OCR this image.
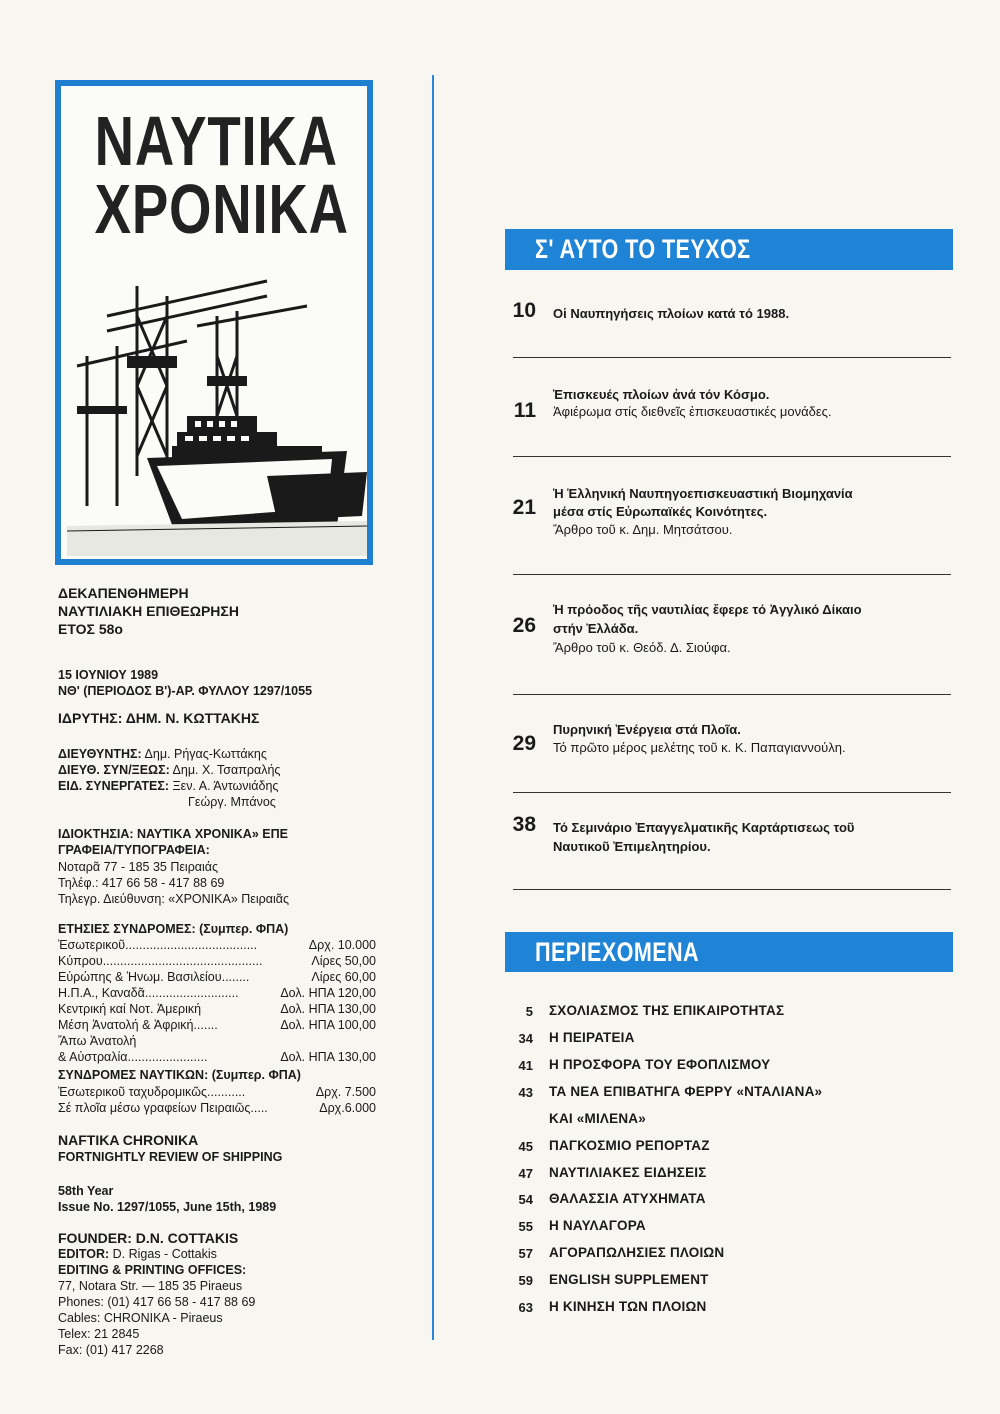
ΝΑΥΤΙΚΑ
ΧΡΟΝΙΚΑ
ΔΕΚΑΠΕΝΘΗΜΕΡΗ
ΝΑΥΤΙΛΙΑΚΗ ΕΠΙΘΕΩΡΗΣΗ
ΕΤΟΣ 58ο
15 ΙΟΥΝΙΟΥ 1989
ΝΘ' (ΠΕΡΙΟΔΟΣ Β')-ΑΡ. ΦΥΛΛΟΥ 1297/1055
ΙΔΡΥΤΗΣ: ΔΗΜ. Ν. ΚΩΤΤΑΚΗΣ
ΔΙΕΥΘΥΝΤΗΣ: Δημ. Ρήγας-Κωττάκης
ΔΙΕΥΘ. ΣΥΝ/ΞΕΩΣ: Δημ. Χ. Τσαπραλής
ΕΙΔ. ΣΥΝΕΡΓΑΤΕΣ: Ξεν. Α. Άντωνιάδης
Γεώργ. Μπάνος
ΙΔΙΟΚΤΗΣΙΑ: ΝΑΥΤΙΚΑ ΧΡΟΝΙΚΑ» ΕΠΕ
ΓΡΑΦΕΙΑ/ΤΥΠΟΓΡΑΦΕΙΑ:
Νοταρᾶ 77 - 185 35 Πειραιάς
Τηλέφ.: 417 66 58 - 417 88 69
Τηλεγρ. Διεύθυνση: «ΧΡΟΝΙΚΑ» Πειραιᾶς
ΕΤΗΣΙΕΣ ΣΥΝΔΡΟΜΕΣ: (Συμπερ. ΦΠΑ)
Ἐσωτερικοῦ......................................	Δρχ. 10.000
Κύπρου..............................................	Λίρες 50,00
Εὐρώπης & Ἡνωμ. Βασιλείου........	Λίρες 60,00
Η.Π.Α., Καναδᾶ...........................	Δολ. ΗΠΑ 120,00
Κεντρική καί Νοτ. Ἀμερική	Δολ. ΗΠΑ 130,00
Μέση Ἀνατολή & Ἀφρική.......	Δολ. ΗΠΑ 100,00
Ἄπω Ἀνατολή
& Αὐστραλία.......................	Δολ. ΗΠΑ 130,00
ΣΥΝΔΡΟΜΕΣ ΝΑΥΤΙΚΩΝ: (Συμπερ. ΦΠΑ)
Ἐσωτερικοῦ ταχυδρομικῶς...........	Δρχ. 7.500
Σέ πλοῖα μέσω γραφείων Πειραιῶς.....	Δρχ.6.000
NAFTIKA CHRONIKA
FORTNIGHTLY REVIEW OF SHIPPING
58th Year
Issue No. 1297/1055, June 15th, 1989
FOUNDER: D.N. COTTAKIS
EDITOR: D. Rigas - Cottakis
EDITING & PRINTING OFFICES:
77, Notara Str. — 185 35 Piraeus
Phones: (01) 417 66 58 - 417 88 69
Cables: CHRONIKA - Piraeus
Telex: 21 2845
Fax: (01) 417 2268
Σ' ΑΥΤΟ ΤΟ ΤΕΥΧΟΣ
10 Οἱ Ναυπηγήσεις πλοίων κατά τό 1988.
11
Ἐπισκευές πλοίων ἀνά τόν Κόσμο.
Ἀφιέρωμα στίς διεθνεῖς ἐπισκευαστικές μονάδες.
21
Ἡ Ἑλληνική Ναυπηγοεπισκευαστική Βιομηχανία
μέσα στίς Εὐρωπαϊκές Κοινότητες.
Ἄρθρο τοῦ κ. Δημ. Μητσάτσου.
26
Ἡ πρόοδος τῆς ναυτιλίας ἔφερε τό Ἀγγλικό Δίκαιο
στήν Ἑλλάδα.
Ἄρθρο τοῦ κ. Θεόδ. Δ. Σιούφα.
29
Πυρηνική Ἐνέργεια στά Πλοῖα.
Τό πρῶτο μέρος μελέτης τοῦ κ. Κ. Παπαγιαννούλη.
38 Τό Σεμινάριο Ἐπαγγελματικῆς Καρτάρτισεως τοῦ
Ναυτικοῦ Ἐπιμελητηρίου.
ΠΕΡΙΕΧΟΜΕΝΑ
5 ΣΧΟΛΙΑΣΜΟΣ ΤΗΣ ΕΠΙΚΑΙΡΟΤΗΤΑΣ
34 Η ΠΕΙΡΑΤΕΙΑ
41 Η ΠΡΟΣΦΟΡΑ ΤΟΥ ΕΦΟΠΛΙΣΜΟΥ
43 ΤΑ ΝΕΑ ΕΠΙΒΑΤΗΓΑ ΦΕΡΡΥ «ΝΤΑΛΙΑΝΑ»
ΚΑΙ «ΜΙΛΕΝΑ»
45 ΠΑΓΚΟΣΜΙΟ ΡΕΠΟΡΤΑΖ
47 ΝΑΥΤΙΛΙΑΚΕΣ ΕΙΔΗΣΕΙΣ
54 ΘΑΛΑΣΣΙΑ ΑΤΥΧΗΜΑΤΑ
55 Η ΝΑΥΛΑΓΟΡΑ
57 ΑΓΟΡΑΠΩΛΗΣΙΕΣ ΠΛΟΙΩΝ
59 ENGLISH SUPPLEMENT
63 Η ΚΙΝΗΣΗ ΤΩΝ ΠΛΟΙΩΝ
